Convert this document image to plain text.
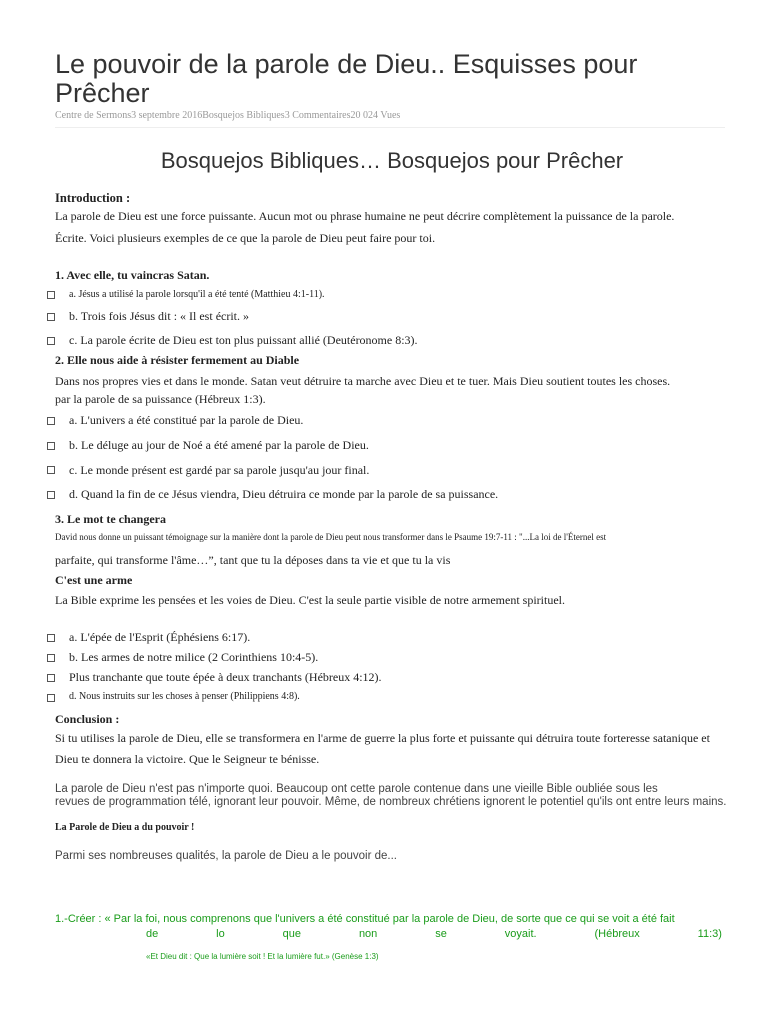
Le pouvoir de la parole de Dieu.. Esquisses pour Prêcher
Centre de Sermons3 septembre 2016Bosquejos Bibliques3 Commentaires20 024 Vues
Bosquejos Bibliques… Bosquejos pour Prêcher
Introduction :
La parole de Dieu est une force puissante. Aucun mot ou phrase humaine ne peut décrire complètement la puissance de la parole.
Écrite. Voici plusieurs exemples de ce que la parole de Dieu peut faire pour toi.
1. Avec elle, tu vaincras Satan.
a. Jésus a utilisé la parole lorsqu'il a été tenté (Matthieu 4:1-11).
b. Trois fois Jésus dit : « Il est écrit. »
c. La parole écrite de Dieu est ton plus puissant allié (Deutéronome 8:3).
2. Elle nous aide à résister fermement au Diable
Dans nos propres vies et dans le monde. Satan veut détruire ta marche avec Dieu et te tuer. Mais Dieu soutient toutes les choses.
par la parole de sa puissance (Hébreux 1:3).
a. L'univers a été constitué par la parole de Dieu.
b. Le déluge au jour de Noé a été amené par la parole de Dieu.
c. Le monde présent est gardé par sa parole jusqu'au jour final.
d. Quand la fin de ce Jésus viendra, Dieu détruira ce monde par la parole de sa puissance.
3. Le mot te changera
David nous donne un puissant témoignage sur la manière dont la parole de Dieu peut nous transformer dans le Psaume 19:7-11 : "...La loi de l'Éternel est
parfaite, qui transforme l'âme…”, tant que tu la déposes dans ta vie et que tu la vis
C'est une arme
La Bible exprime les pensées et les voies de Dieu. C'est la seule partie visible de notre armement spirituel.
a. L'épée de l'Esprit (Éphésiens 6:17).
b. Les armes de notre milice (2 Corinthiens 10:4-5).
Plus tranchante que toute épée à deux tranchants (Hébreux 4:12).
d. Nous instruits sur les choses à penser (Philippiens 4:8).
Conclusion :
Si tu utilises la parole de Dieu, elle se transformera en l'arme de guerre la plus forte et puissante qui détruira toute forteresse satanique et
Dieu te donnera la victoire. Que le Seigneur te bénisse.
La parole de Dieu n'est pas n'importe quoi. Beaucoup ont cette parole contenue dans une vieille Bible oubliée sous les
revues de programmation télé, ignorant leur pouvoir. Même, de nombreux chrétiens ignorent le potentiel qu'ils ont entre leurs mains.
La Parole de Dieu a du pouvoir !
Parmi ses nombreuses qualités, la parole de Dieu a le pouvoir de...
1.-Créer : « Par la foi, nous comprenons que l'univers a été constitué par la parole de Dieu, de sorte que ce qui se voit a été fait
de	lo	que	non	se	voyait.	(Hébreux	11:3)
«Et Dieu dit : Que la lumière soit ! Et la lumière fut.» (Genèse 1:3)
